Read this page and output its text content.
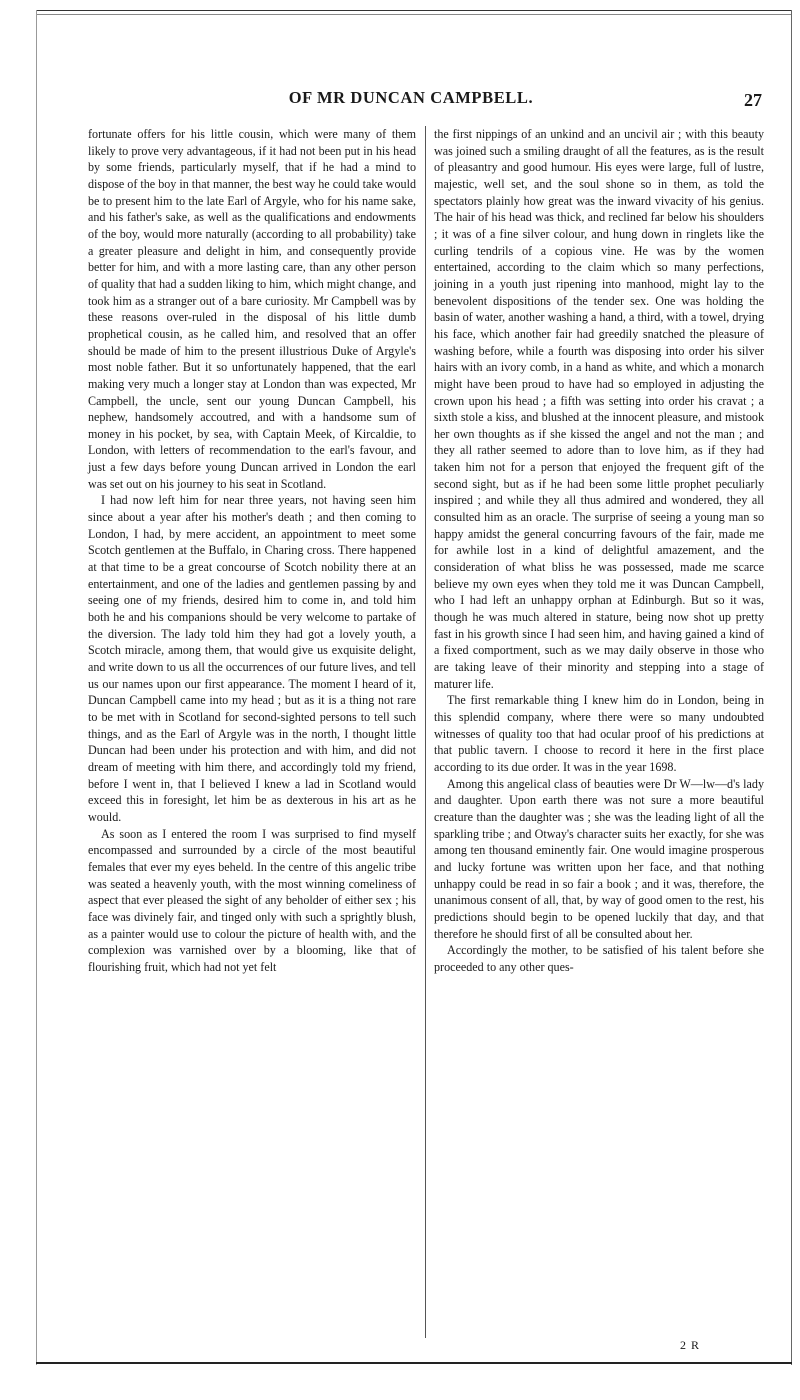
OF MR DUNCAN CAMPBELL.	27

fortunate offers for his little cousin, which were many of them likely to prove very advantageous, if it had not been put in his head by some friends, particularly myself, that if he had a mind to dispose of the boy in that manner, the best way he could take would be to present him to the late Earl of Argyle, who for his name sake, and his father's sake, as well as the qualifications and endowments of the boy, would more naturally (according to all probability) take a greater pleasure and delight in him, and consequently provide better for him, and with a more lasting care, than any other person of quality that had a sudden liking to him, which might change, and took him as a stranger out of a bare curiosity. Mr Campbell was by these reasons over-ruled in the disposal of his little dumb prophetical cousin, as he called him, and resolved that an offer should be made of him to the present illustrious Duke of Argyle's most noble father. But it so unfortunately happened, that the earl making very much a longer stay at London than was expected, Mr Campbell, the uncle, sent our young Duncan Campbell, his nephew, handsomely accoutred, and with a handsome sum of money in his pocket, by sea, with Captain Meek, of Kircaldie, to London, with letters of recommendation to the earl's favour, and just a few days before young Duncan arrived in London the earl was set out on his journey to his seat in Scotland.

I had now left him for near three years, not having seen him since about a year after his mother's death ; and then coming to London, I had, by mere accident, an appointment to meet some Scotch gentlemen at the Buffalo, in Charing cross. There happened at that time to be a great concourse of Scotch nobility there at an entertainment, and one of the ladies and gentlemen passing by and seeing one of my friends, desired him to come in, and told him both he and his companions should be very welcome to partake of the diversion. The lady told him they had got a lovely youth, a Scotch miracle, among them, that would give us exquisite delight, and write down to us all the occurrences of our future lives, and tell us our names upon our first appearance. The moment I heard of it, Duncan Campbell came into my head ; but as it is a thing not rare to be met with in Scotland for second-sighted persons to tell such things, and as the Earl of Argyle was in the north, I thought little Duncan had been under his protection and with him, and did not dream of meeting with him there, and accordingly told my friend, before I went in, that I believed I knew a lad in Scotland would exceed this in foresight, let him be as dexterous in his art as he would.

As soon as I entered the room I was surprised to find myself encompassed and surrounded by a circle of the most beautiful females that ever my eyes beheld. In the centre of this angelic tribe was seated a heavenly youth, with the most winning comeliness of aspect that ever pleased the sight of any beholder of either sex ; his face was divinely fair, and tinged only with such a sprightly blush, as a painter would use to colour the picture of health with, and the complexion was varnished over by a blooming, like that of flourishing fruit, which had not yet felt

the first nippings of an unkind and an uncivil air ; with this beauty was joined such a smiling draught of all the features, as is the result of pleasantry and good humour. His eyes were large, full of lustre, majestic, well set, and the soul shone so in them, as told the spectators plainly how great was the inward vivacity of his genius. The hair of his head was thick, and reclined far below his shoulders ; it was of a fine silver colour, and hung down in ringlets like the curling tendrils of a copious vine. He was by the women entertained, according to the claim which so many perfections, joining in a youth just ripening into manhood, might lay to the benevolent dispositions of the tender sex. One was holding the basin of water, another washing a hand, a third, with a towel, drying his face, which another fair had greedily snatched the pleasure of washing before, while a fourth was disposing into order his silver hairs with an ivory comb, in a hand as white, and which a monarch might have been proud to have had so employed in adjusting the crown upon his head ; a fifth was setting into order his cravat ; a sixth stole a kiss, and blushed at the innocent pleasure, and mistook her own thoughts as if she kissed the angel and not the man ; and they all rather seemed to adore than to love him, as if they had taken him not for a person that enjoyed the frequent gift of the second sight, but as if he had been some little prophet peculiarly inspired ; and while they all thus admired and wondered, they all consulted him as an oracle. The surprise of seeing a young man so happy amidst the general concurring favours of the fair, made me for awhile lost in a kind of delightful amazement, and the consideration of what bliss he was possessed, made me scarce believe my own eyes when they told me it was Duncan Campbell, who I had left an unhappy orphan at Edinburgh. But so it was, though he was much altered in stature, being now shot up pretty fast in his growth since I had seen him, and having gained a kind of a fixed comportment, such as we may daily observe in those who are taking leave of their minority and stepping into a stage of maturer life.

The first remarkable thing I knew him do in London, being in this splendid company, where there were so many undoubted witnesses of quality too that had ocular proof of his predictions at that public tavern. I choose to record it here in the first place according to its due order. It was in the year 1698.

Among this angelical class of beauties were Dr W—lw—d's lady and daughter. Upon earth there was not sure a more beautiful creature than the daughter was ; she was the leading light of all the sparkling tribe ; and Otway's character suits her exactly, for she was among ten thousand eminently fair. One would imagine prosperous and lucky fortune was written upon her face, and that nothing unhappy could be read in so fair a book ; and it was, therefore, the unanimous consent of all, that, by way of good omen to the rest, his predictions should begin to be opened luckily that day, and that therefore he should first of all be consulted about her.

Accordingly the mother, to be satisfied of his talent before she proceeded to any other ques-

2 R
